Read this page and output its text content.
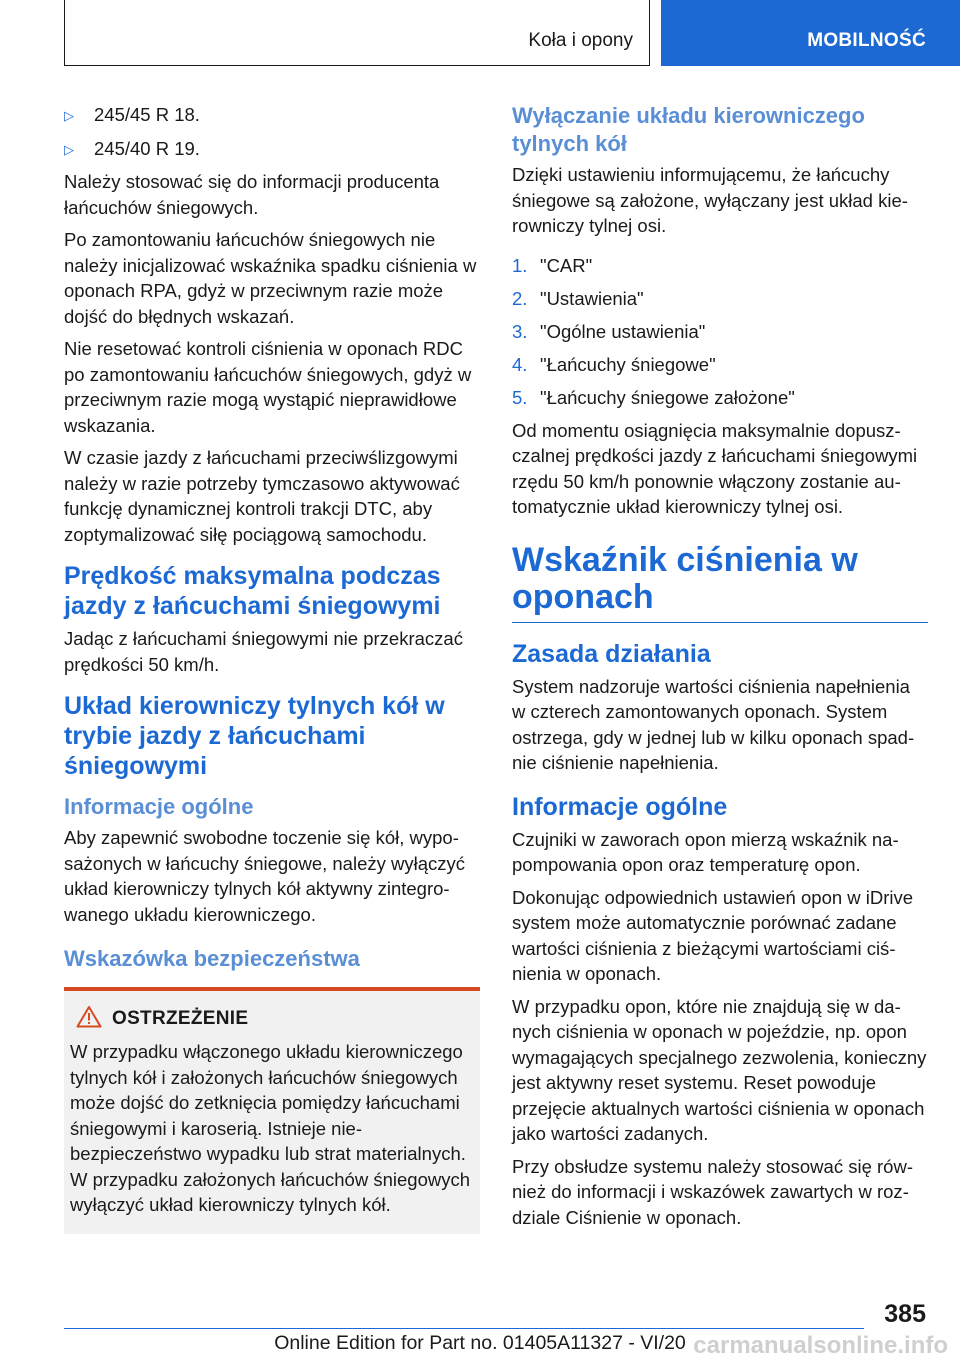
Koła i opony	MOBILNOŚĆ
▷	245/45 R 18.
▷	245/40 R 19.

Należy stosować się do informacji producenta łańcuchów śniegowych.

Po zamontowaniu łańcuchów śniegowych nie należy inicjalizować wskaźnika spadku ciśnienia w oponach RPA, gdyż w przeciwnym razie może dojść do błędnych wskazań.

Nie resetować kontroli ciśnienia w oponach RDC po zamontowaniu łańcuchów śniegowych, gdyż w przeciwnym razie mogą wystąpić nieprawidłowe wskazania.

W czasie jazdy z łańcuchami przeciwślizgowymi należy w razie potrzeby tymczasowo aktywować funkcję dynamicznej kontroli trakcji DTC, aby zoptymalizować siłę pociągową samochodu.

Prędkość maksymalna podczas jazdy z łańcuchami śniegowymi

Jadąc z łańcuchami śniegowymi nie przekraczać prędkości 50 km/h.

Układ kierowniczy tylnych kół w trybie jazdy z łańcuchami śniegowymi
Informacje ogólne

Aby zapewnić swobodne toczenie się kół, wyposażonych w łańcuchy śniegowe, należy wyłączyć układ kierowniczy tylnych kół aktywny zintegrowanego układu kierowniczego.

Wskazówka bezpieczeństwa
OSTRZEŻENIE

W przypadku włączonego układu kierowniczego tylnych kół i założonych łańcuchów śniegowych może dojść do zetknięcia pomiędzy łańcuchami śniegowymi i karoserią. Istnieje niebezpieczeństwo wypadku lub strat materialnych. W przypadku założonych łańcuchów śniegowych wyłączyć układ kierowniczy tylnych kół.

Wyłączanie układu kierowniczego tylnych kół

Dzięki ustawieniu informującemu, że łańcuchy śniegowe są założone, wyłączany jest układ kierowniczy tylnej osi.

1. "CAR"
2. "Ustawienia"
3. "Ogólne ustawienia"
4. "Łańcuchy śniegowe"
5. "Łańcuchy śniegowe założone"

Od momentu osiągnięcia maksymalnie dopuszczalnej prędkości jazdy z łańcuchami śniegowymi rzędu 50 km/h ponownie włączony zostanie automatycznie układ kierowniczy tylnej osi.

Wskaźnik ciśnienia w oponach
Zasada działania

System nadzoruje wartości ciśnienia napełnienia w czterech zamontowanych oponach. System ostrzega, gdy w jednej lub w kilku oponach spadnie ciśnienie napełnienia.

Informacje ogólne

Czujniki w zaworach opon mierzą wskaźnik napompowania opon oraz temperaturę opon.

Dokonując odpowiednich ustawień opon w iDrive system może automatycznie porównać zadane wartości ciśnienia z bieżącymi wartościami ciśnienia w oponach.

W przypadku opon, które nie znajdują się w danych ciśnienia w oponach w pojeździe, np. opon wymagających specjalnego zezwolenia, konieczny jest aktywny reset systemu. Reset powoduje przejęcie aktualnych wartości ciśnienia w oponach jako wartości zadanych.

Przy obsłudze systemu należy stosować się również do informacji i wskazówek zawartych w rozdziale Ciśnienie w oponach.

385
Online Edition for Part no. 01405A11327 - VI/20 carmanualsonline.info
